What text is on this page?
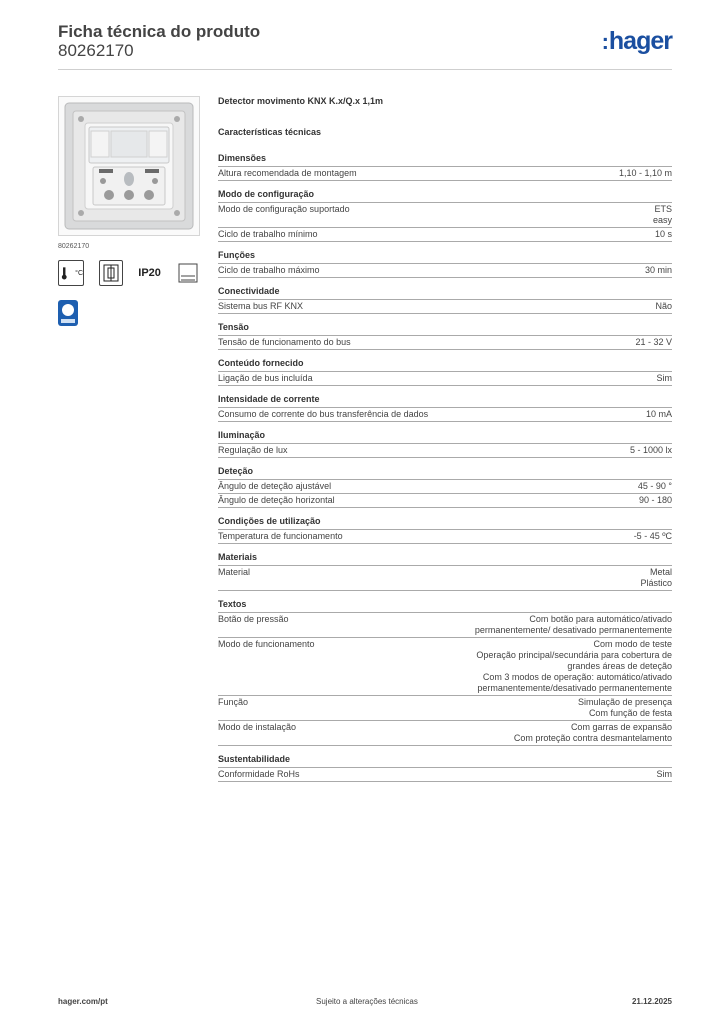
Ficha técnica do produto
80262170	:hager
80262170
°C	IP20
Detector movimento KNX K.x/Q.x 1,1m
Características técnicas
Dimensões
Altura recomendada de montagem	1,10 - 1,10 m
Modo de configuração
Modo de configuração suportado	ETS
easy
Ciclo de trabalho mínimo	10 s
Funções
Ciclo de trabalho máximo	30 min
Conectividade
Sistema bus RF KNX	Não
Tensão
Tensão de funcionamento do bus	21 - 32 V
Conteúdo fornecido
Ligação de bus incluída	Sim
Intensidade de corrente
Consumo de corrente do bus transferência de dados	10 mA
Iluminação
Regulação de lux	5 - 1000 lx
Deteção
Ângulo de deteção ajustável	45 - 90 °
Ângulo de deteção horizontal	90 - 180
Condições de utilização
Temperatura de funcionamento	-5 - 45 ºC
Materiais
Material	Metal
Plástico
Textos
Botão de pressão	Com botão para automático/ativado
permanentemente/ desativado permanentemente
Modo de funcionamento	Com modo de teste
Operação principal/secundária para cobertura de
grandes áreas de deteção
Com 3 modos de operação: automático/ativado
permanentemente/desativado permanentemente
Função	Simulação de presença
Com função de festa
Modo de instalação	Com garras de expansão
Com proteção contra desmantelamento
Sustentabilidade
Conformidade RoHs	Sim
hager.com/pt	Sujeito a alterações técnicas	21.12.2025
